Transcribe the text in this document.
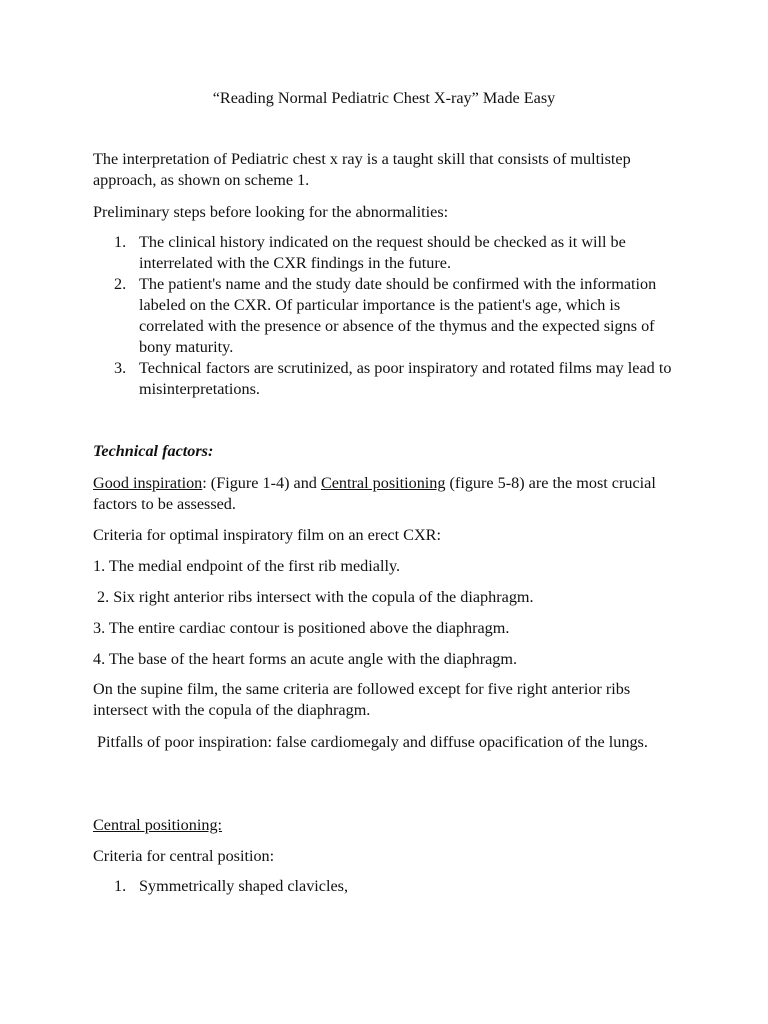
“Reading Normal Pediatric Chest X-ray” Made Easy
The interpretation of Pediatric chest x ray is a taught skill that consists of multistep approach, as shown on scheme 1.
Preliminary steps before looking for the abnormalities:
1. The clinical history indicated on the request should be checked as it will be interrelated with the CXR findings in the future.
2. The patient's name and the study date should be confirmed with the information labeled on the CXR. Of particular importance is the patient's age, which is correlated with the presence or absence of the thymus and the expected signs of bony maturity.
3. Technical factors are scrutinized, as poor inspiratory and rotated films may lead to misinterpretations.
Technical factors:
Good inspiration: (Figure 1-4) and Central positioning (figure 5-8) are the most crucial factors to be assessed.
Criteria for optimal inspiratory film on an erect CXR:
1. The medial endpoint of the first rib medially.
2. Six right anterior ribs intersect with the copula of the diaphragm.
3. The entire cardiac contour is positioned above the diaphragm.
4. The base of the heart forms an acute angle with the diaphragm.
On the supine film, the same criteria are followed except for five right anterior ribs intersect with the copula of the diaphragm.
Pitfalls of poor inspiration: false cardiomegaly and diffuse opacification of the lungs.
Central positioning:
Criteria for central position:
1. Symmetrically shaped clavicles,
